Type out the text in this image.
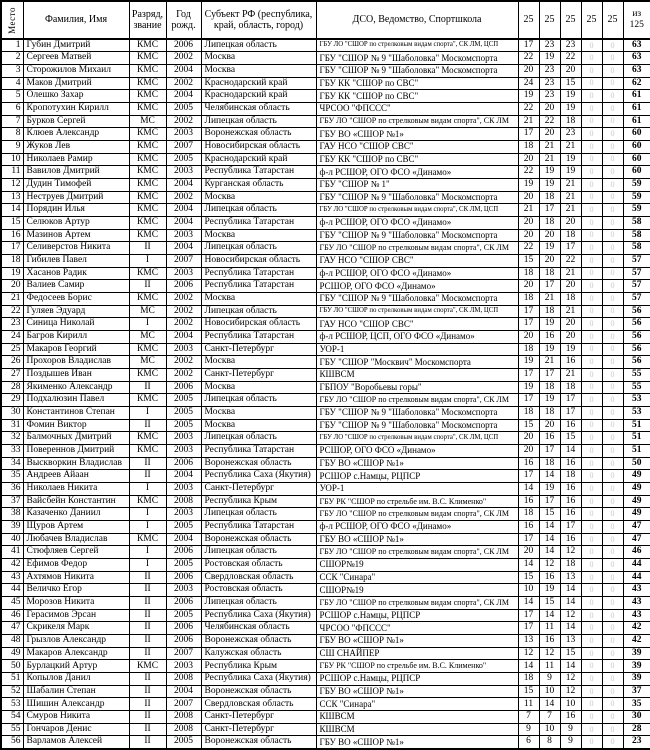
Место	Фамилия, Имя	Разряд, звание	Год рожд.	Субъект РФ (республика, край, область, город)	ДСО, Ведомство, Спортшкола	25	25	25	25	25	из 125
1	Губин Дмитрий	КМС	2006	Липецкая область	ГБУ ЛО "СШОР по стрелковым видам спорта", СК ЛМ, ЦСП	17	23	23	0	0	63
2	Сергеев Матвей	КМС	2002	Москва	ГБУ "СШОР № 9 "Шаболовка" Москомспорта	22	19	22	0	0	63
3	Сторожилов Михаил	КМС	2004	Москва	ГБУ "СШОР № 9 "Шаболовка" Москомспорта	20	23	20	0	0	63
4	Маков Дмитрий	КМС	2002	Краснодарский край	ГБУ КК "СШОР по СВС"	24	23	15	0	0	62
5	Олешко Захар	КМС	2004	Краснодарский край	ГБУ КК "СШОР по СВС"	19	23	19	0	0	61
6	Кропотухин Кирилл	КМС	2005	Челябинская область	ЧРСОО "ФПССС"	22	20	19	0	0	61
7	Бурков Сергей	МС	2002	Липецкая область	ГБУ ЛО "СШОР по стрелковым видам спорта", СК ЛМ	21	22	18	0	0	61
8	Клюев Александр	КМС	2003	Воронежская область	ГБУ ВО «СШОР №1»	17	20	23	0	0	60
9	Жуков Лев	КМС	2007	Новосибирская область	ГАУ НСО "СШОР СВС"	18	21	21	0	0	60
10	Николаев Рамир	КМС	2005	Краснодарский край	ГБУ КК "СШОР по СВС"	20	21	19	0	0	60
11	Вавилов Дмитрий	КМС	2003	Республика Татарстан	ф-л РСШОР, ОГО ФСО «Динамо»	22	19	19	0	0	60
12	Дудин Тимофей	КМС	2004	Курганская область	ГБУ "СШОР № 1"	19	19	21	0	0	59
13	Неструев Дмитрий	КМС	2002	Москва	ГБУ "СШОР № 9 "Шаболовка" Москомспорта	20	18	21	0	0	59
14	Порядин Илья	КМС	2004	Липецкая область	ГБУ ЛО "СШОР по стрелковым видам спорта", СК ЛМ, ЦСП	21	17	21	0	0	59
15	Селюков Артур	КМС	2004	Республика Татарстан	ф-л РСШОР, ОГО ФСО «Динамо»	20	18	20	0	0	58
16	Мазинов Артем	КМС	2003	Москва	ГБУ "СШОР № 9 "Шаболовка" Москомспорта	20	20	18	0	0	58
17	Селиверстов Никита	II	2004	Липецкая область	ГБУ ЛО "СШОР по стрелковым видам спорта", СК ЛМ	22	19	17	0	0	58
18	Гибилев Павел	I	2007	Новосибирская область	ГАУ НСО "СШОР СВС"	15	20	22	0	0	57
19	Хасанов Радик	КМС	2003	Республика Татарстан	ф-л РСШОР, ОГО ФСО «Динамо»	18	18	21	0	0	57
20	Валиев Самир	II	2006	Республика Татарстан	РСШОР, ОГО ФСО «Динамо»	20	17	20	0	0	57
21	Федосеев Борис	КМС	2002	Москва	ГБУ "СШОР № 9 "Шаболовка" Москомспорта	18	21	18	0	0	57
22	Гуляев Эдуард	МС	2002	Липецкая область	ГБУ ЛО "СШОР по стрелковым видам спорта", СК ЛМ, ЦСП	17	18	21	0	0	56
23	Синица Николай	I	2002	Новосибирская область	ГАУ НСО "СШОР СВС"	17	19	20	0	0	56
24	Багров Кирилл	МС	2004	Республика Татарстан	ф-л РСШОР, ЦСП, ОГО ФСО «Динамо»	20	16	20	0	0	56
25	Макаров Георгий	КМС	2003	Санкт-Петербург	УОР-1	18	19	19	0	0	56
26	Прохоров Владислав	МС	2002	Москва	ГБУ "СШОР "Москвич" Москомспорта	19	21	16	0	0	56
27	Поздышев Иван	КМС	2002	Санкт-Петербург	КШВСМ	17	17	21	0	0	55
28	Якименко Александр	II	2006	Москва	ГБПОУ "Воробьевы горы"	19	18	18	0	0	55
29	Подхалюзин Павел	КМС	2005	Липецкая область	ГБУ ЛО "СШОР по стрелковым видам спорта", СК ЛМ	17	19	17	0	0	53
30	Константинов Степан	I	2005	Москва	ГБУ "СШОР № 9 "Шаболовка" Москомспорта	18	18	17	0	0	53
31	Фомин Виктор	II	2005	Москва	ГБУ "СШОР № 9 "Шаболовка" Москомспорта	15	20	16	0	0	51
32	Балмочных Дмитрий	КМС	2003	Липецкая область	ГБУ ЛО "СШОР по стрелковым видам спорта", СК ЛМ, ЦСП	20	16	15	0	0	51
33	Повереннов Дмитрий	КМС	2003	Республика Татарстан	РСШОР, ОГО ФСО «Динамо»	20	17	14	0	0	51
34	Выскворкин Владислав	II	2006	Воронежская область	ГБУ ВО «СШОР №1»	16	18	16	0	0	50
35	Андреев Айаан	II	2004	Республика Саха (Якутия)	РСШОР с.Намцы, РЦПСР	17	14	18	0	0	49
36	Николаев Никита	I	2003	Санкт-Петербург	УОР-1	14	19	16	0	0	49
37	Вайсбейн Константин	КМС	2008	Республика Крым	ГБУ РК "СШОР по стрельбе им. В.С. Клименко"	16	17	16	0	0	49
38	Казаченко Даниил	I	2003	Липецкая область	ГБУ ЛО "СШОР по стрелковым видам спорта", СК ЛМ	18	15	16	0	0	49
39	Щуров Артем	I	2005	Республика Татарстан	ф-л РСШОР, ОГО ФСО «Динамо»	16	14	17	0	0	47
40	Любачев Владислав	КМС	2004	Воронежская область	ГБУ ВО «СШОР №1»	17	14	16	0	0	47
41	Стюфляев Сергей	I	2006	Липецкая область	ГБУ ЛО "СШОР по стрелковым видам спорта", СК ЛМ	20	14	12	0	0	46
42	Ефимов Федор	I	2005	Ростовская область	СШОР№19	14	12	18	0	0	44
43	Ахтямов Никита	II	2006	Свердловская область	ССК "Синара"	15	16	13	0	0	44
44	Величко Егор	II	2003	Ростовская область	СШОР№19	10	19	14	0	0	43
45	Морозов Никита	II	2006	Липецкая область	ГБУ ЛО "СШОР по стрелковым видам спорта", СК ЛМ	14	15	14	0	0	43
46	Герасимов Эрсан	II	2005	Республика Саха (Якутия)	РСШОР с.Намцы, РЦПСР	17	14	12	0	0	43
47	Скрикеля Марк	II	2006	Челябинская область	ЧРСОО "ФПССС"	17	11	14	0	0	42
48	Грызлов Александр	II	2006	Воронежская область	ГБУ ВО «СШОР №1»	13	16	13	0	0	42
49	Макаров Александр	II	2007	Калужская область	СШ СНАЙПЕР	12	12	15	0	0	39
50	Бурлацкий Артур	КМС	2003	Республика Крым	ГБУ РК "СШОР по стрельбе им. В.С. Клименко"	14	11	14	0	0	39
51	Копылов Данил	II	2008	Республика Саха (Якутия)	РСШОР с.Намцы, РЦПСР	18	9	12	0	0	39
52	Шабалин Степан	II	2004	Воронежская область	ГБУ ВО «СШОР №1»	15	10	12	0	0	37
53	Шишин Александр	II	2007	Свердловская область	ССК "Синара"	11	14	10	0	0	35
54	Смуров Никита	II	2008	Санкт-Петербург	КШВСМ	7	7	16	0	0	30
55	Гончаров Денис	II	2008	Санкт-Петербург	КШВСМ	9	10	9	0	0	28
56	Варламов Алексей	II	2005	Воронежская область	ГБУ ВО «СШОР №1»	6	8	9	0	0	23
